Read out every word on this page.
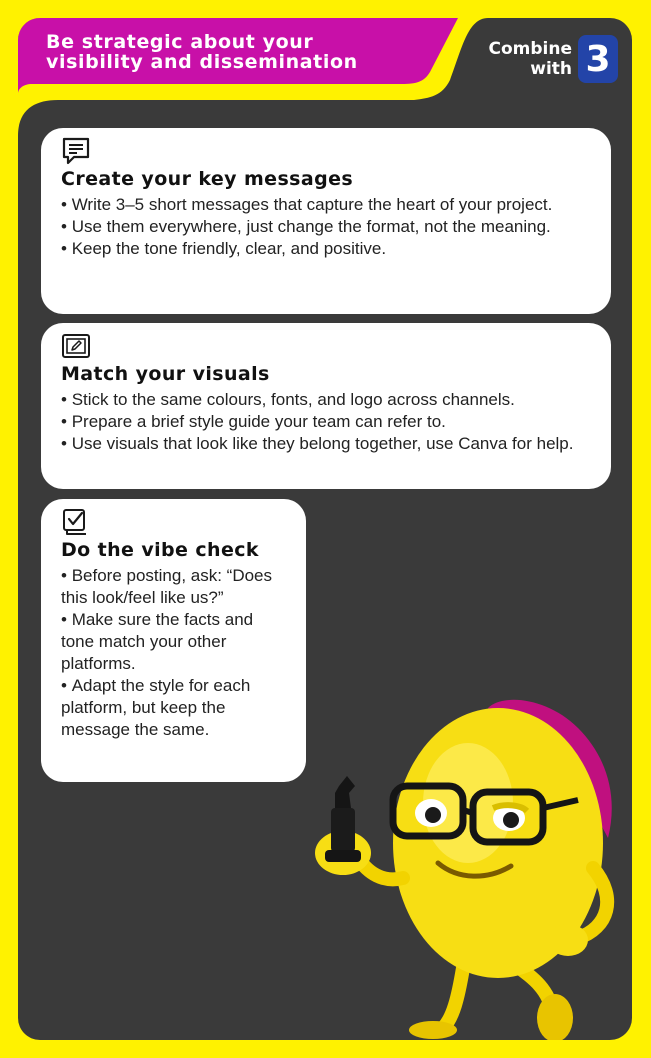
Be strategic about your
visibility and dissemination
Combine
with 3
Create your key messages
• Write 3–5 short messages that capture the heart of your project.
• Use them everywhere, just change the format, not the meaning.
• Keep the tone friendly, clear, and positive.
Match your visuals
• Stick to the same colours, fonts, and logo across channels.
• Prepare a brief style guide your team can refer to.
• Use visuals that look like they belong together, use Canva for help.
Do the vibe check
• Before posting, ask: “Does this look/feel like us?”
• Make sure the facts and tone match your other platforms.
• Adapt the style for each platform, but keep the message the same.
